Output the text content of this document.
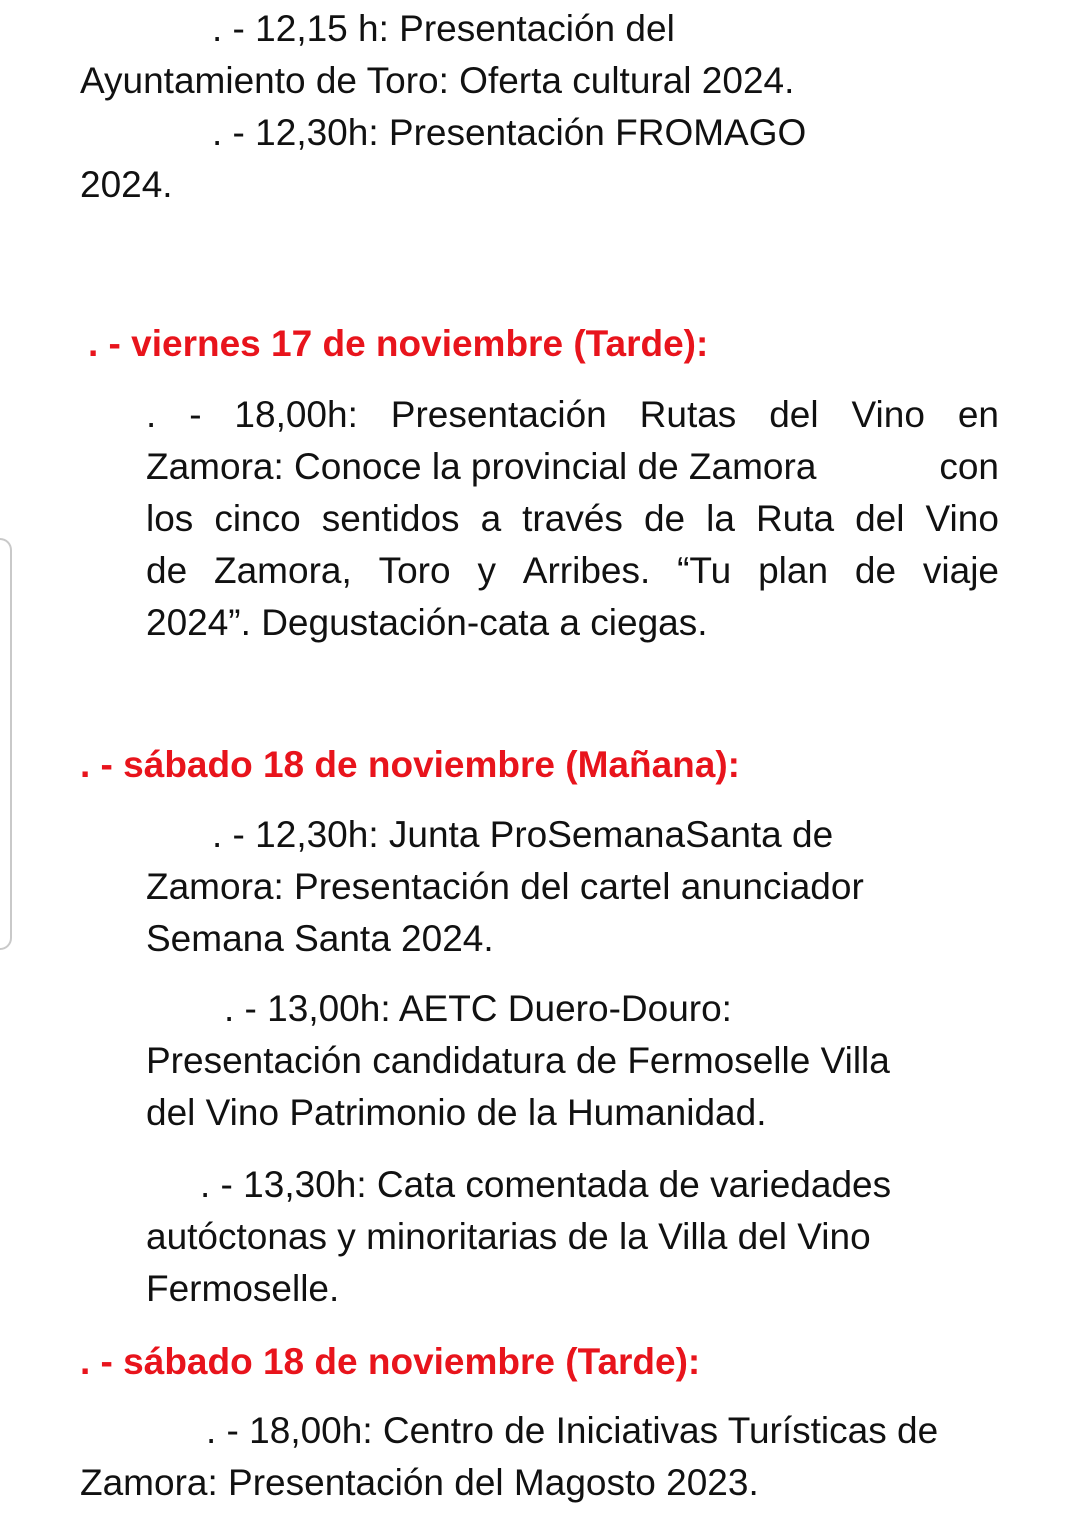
. - 12,15 h: Presentación del
Ayuntamiento de Toro: Oferta cultural 2024.
. - 12,30h: Presentación FROMAGO
2024.
. - viernes 17 de noviembre (Tarde):
. - 18,00h: Presentación Rutas del Vino en
Zamora: Conoce la provincial de Zamora	con
los cinco sentidos a través de la Ruta del Vino
de Zamora, Toro y Arribes. “Tu plan de viaje
2024”. Degustación-cata a ciegas.
. - sábado 18 de noviembre (Mañana):
. - 12,30h: Junta ProSemanaSanta de
Zamora: Presentación del cartel anunciador
Semana Santa 2024.
. - 13,00h: AETC Duero-Douro:
Presentación candidatura de Fermoselle Villa
del Vino Patrimonio de la Humanidad.
. - 13,30h: Cata comentada de variedades
autóctonas y minoritarias de la Villa del Vino
Fermoselle.
. - sábado 18 de noviembre (Tarde):
. - 18,00h: Centro de Iniciativas Turísticas de
Zamora: Presentación del Magosto 2023.
